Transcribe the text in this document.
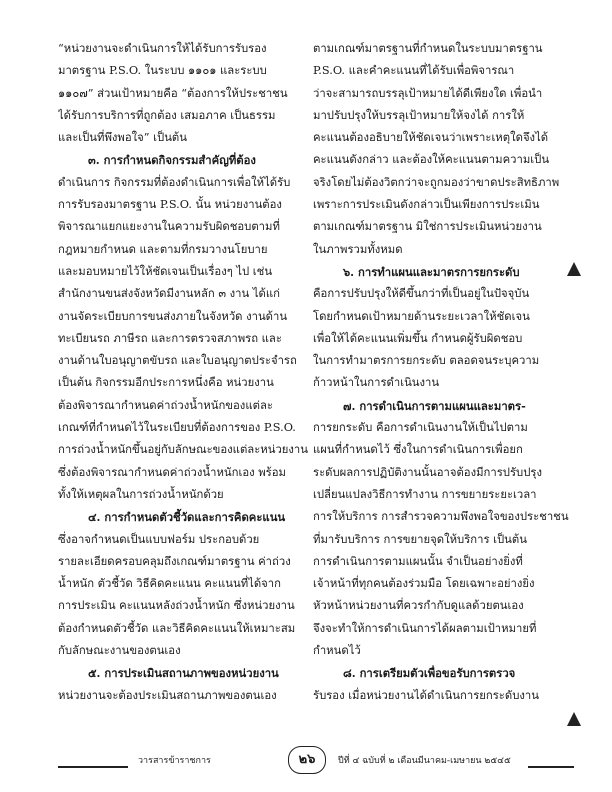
“หน่วยงานจะดำเนินการให้ได้รับการรับรอง
มาตรฐาน P.S.O. ในระบบ ๑๑๐๑ และระบบ
๑๑๐๗” ส่วนเป้าหมายคือ “ต้องการให้ประชาชน
ได้รับการบริการที่ถูกต้อง เสมอภาค เป็นธรรม
และเป็นที่พึงพอใจ” เป็นต้น
๓. การกำหนดกิจกรรมสำคัญที่ต้อง
ดำเนินการ กิจกรรมที่ต้องดำเนินการเพื่อให้ได้รับ
การรับรองมาตรฐาน P.S.O. นั้น หน่วยงานต้อง
พิจารณาแยกแยะงานในความรับผิดชอบตามที่
กฎหมายกำหนด และตามที่กรมวางนโยบาย
และมอบหมายไว้ให้ชัดเจนเป็นเรื่องๆ ไป เช่น
สำนักงานขนส่งจังหวัดมีงานหลัก ๓ งาน ได้แก่
งานจัดระเบียบการขนส่งภายในจังหวัด งานด้าน
ทะเบียนรถ ภาษีรถ และการตรวจสภาพรถ และ
งานด้านใบอนุญาตขับรถ และใบอนุญาตประจำรถ
เป็นต้น กิจกรรมอีกประการหนึ่งคือ หน่วยงาน
ต้องพิจารณากำหนดค่าถ่วงน้ำหนักของแต่ละ
เกณฑ์ที่กำหนดไว้ในระเบียบที่ต้องการของ P.S.O.
การถ่วงน้ำหนักขึ้นอยู่กับลักษณะของแต่ละหน่วยงาน
ซึ่งต้องพิจารณากำหนดค่าถ่วงน้ำหนักเอง พร้อม
ทั้งให้เหตุผลในการถ่วงน้ำหนักด้วย
๔. การกำหนดตัวชี้วัดและการคิดคะแนน
ซึ่งอาจกำหนดเป็นแบบฟอร์ม ประกอบด้วย
รายละเอียดครอบคลุมถึงเกณฑ์มาตรฐาน ค่าถ่วง
น้ำหนัก ตัวชี้วัด วิธีคิดคะแนน คะแนนที่ได้จาก
การประเมิน คะแนนหลังถ่วงน้ำหนัก ซึ่งหน่วยงาน
ต้องกำหนดตัวชี้วัด และวิธีคิดคะแนนให้เหมาะสม
กับลักษณะงานของตนเอง
๕. การประเมินสถานภาพของหน่วยงาน
หน่วยงานจะต้องประเมินสถานภาพของตนเอง
ตามเกณฑ์มาตรฐานที่กำหนดในระบบมาตรฐาน
P.S.O. และคำคะแนนที่ได้รับเพื่อพิจารณา
ว่าจะสามารถบรรลุเป้าหมายได้ดีเพียงใด เพื่อนำ
มาปรับปรุงให้บรรลุเป้าหมายให้จงได้ การให้
คะแนนต้องอธิบายให้ชัดเจนว่าเพราะเหตุใดจึงได้
คะแนนดังกล่าว และต้องให้คะแนนตามความเป็น
จริงโดยไม่ต้องวิตกว่าจะถูกมองว่าขาดประสิทธิภาพ
เพราะการประเมินดังกล่าวเป็นเพียงการประเมิน
ตามเกณฑ์มาตรฐาน มิใช่การประเมินหน่วยงาน
ในภาพรวมทั้งหมด
๖. การทำแผนและมาตรการยกระดับ
คือการปรับปรุงให้ดีขึ้นกว่าที่เป็นอยู่ในปัจจุบัน
โดยกำหนดเป้าหมายด้านระยะเวลาให้ชัดเจน
เพื่อให้ได้คะแนนเพิ่มขึ้น กำหนดผู้รับผิดชอบ
ในการทำมาตรการยกระดับ ตลอดจนระบุความ
ก้าวหน้าในการดำเนินงาน
๗. การดำเนินการตามแผนและมาตร-
การยกระดับ คือการดำเนินงานให้เป็นไปตาม
แผนที่กำหนดไว้ ซึ่งในการดำเนินการเพื่อยก
ระดับผลการปฏิบัติงานนั้นอาจต้องมีการปรับปรุง
เปลี่ยนแปลงวิธีการทำงาน การขยายระยะเวลา
การให้บริการ การสำรวจความพึงพอใจของประชาชน
ที่มารับบริการ การขยายจุดให้บริการ เป็นต้น
การดำเนินการตามแผนนั้น จำเป็นอย่างยิ่งที่
เจ้าหน้าที่ทุกคนต้องร่วมมือ โดยเฉพาะอย่างยิ่ง
หัวหน้าหน่วยงานที่ควรกำกับดูแลด้วยตนเอง
จึงจะทำให้การดำเนินการได้ผลตามเป้าหมายที่
กำหนดไว้
๘. การเตรียมตัวเพื่อขอรับการตรวจ
รับรอง เมื่อหน่วยงานได้ดำเนินการยกระดับงาน
วารสารข้าราชการ	ปีที่ ๔ ฉบับที่ ๒ เดือนมีนาคม-เมษายน ๒๕๔๕
๒๖
